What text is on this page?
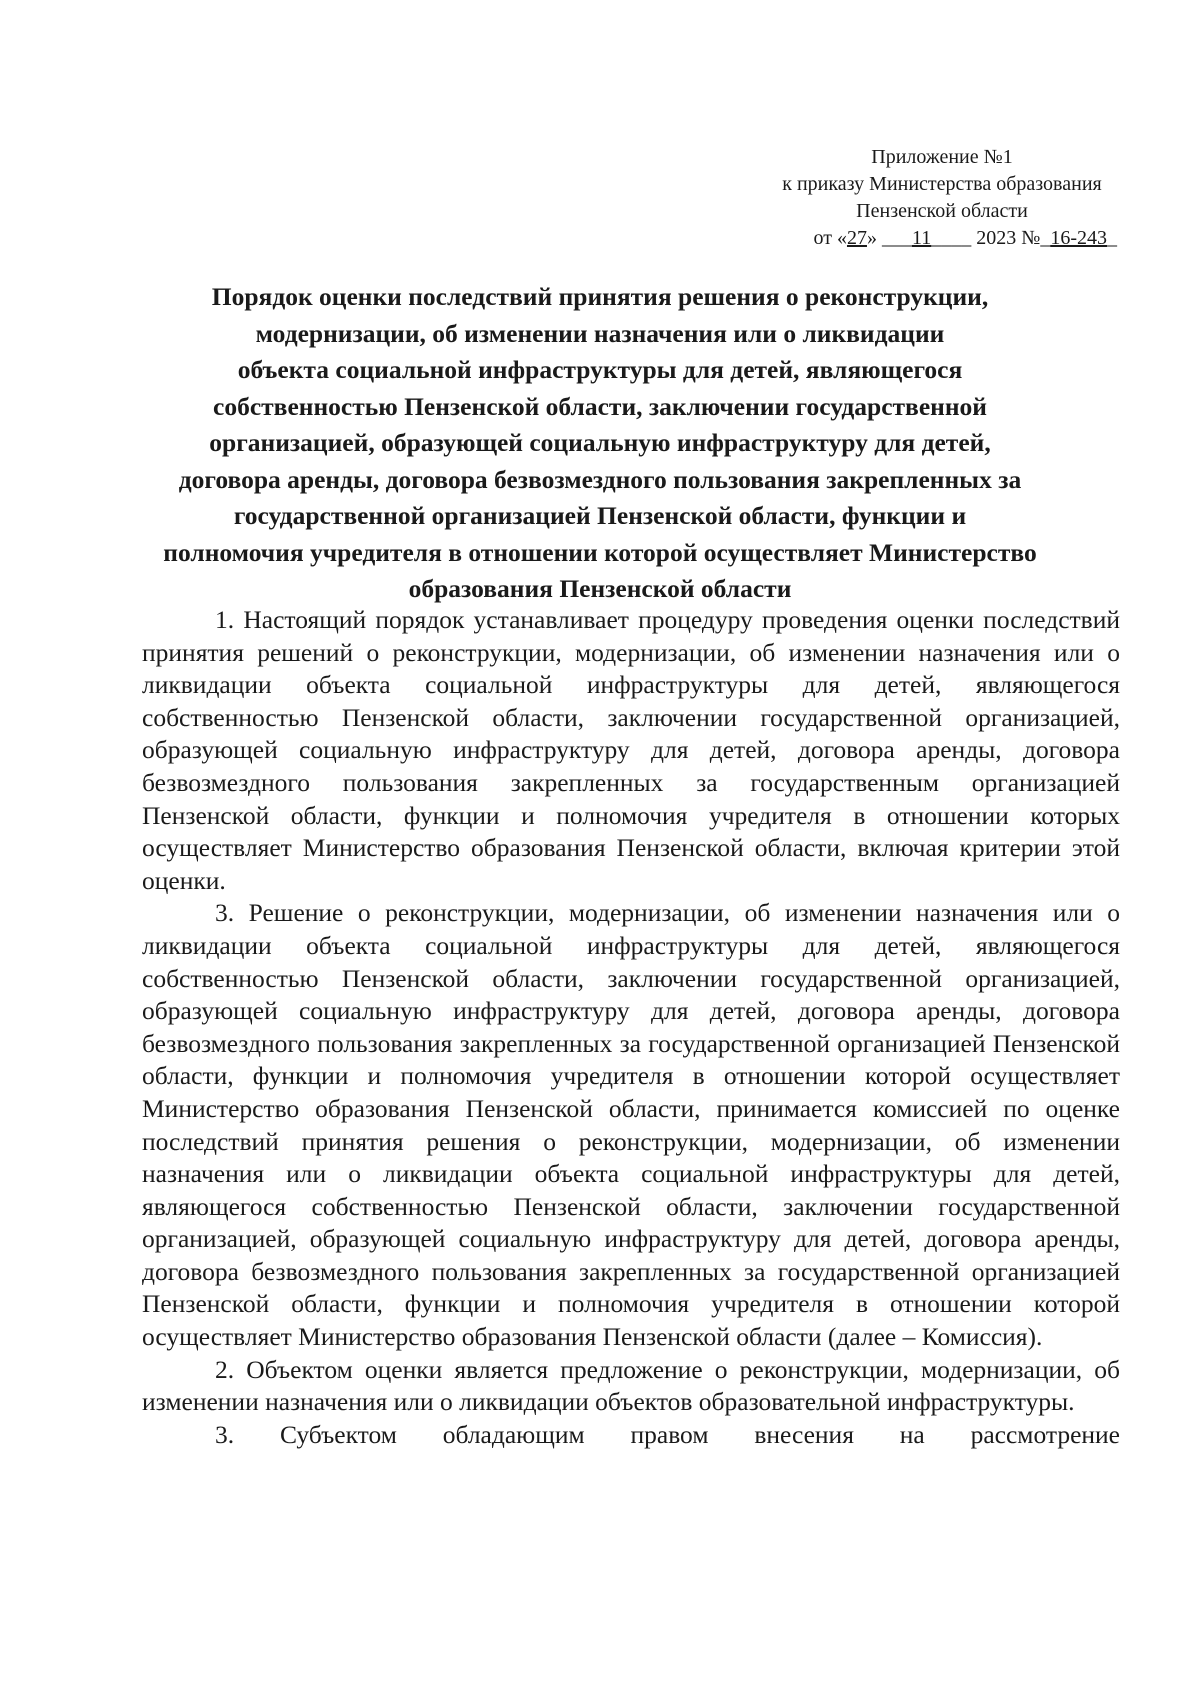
Приложение №1
к приказу Министерства образования
Пензенской области
от «27» ___11____ 2023 №_16-243_
Порядок оценки последствий принятия решения о реконструкции,
модернизации, об изменении назначения или о ликвидации
объекта социальной инфраструктуры для детей, являющегося
собственностью Пензенской области, заключении государственной
организацией, образующей социальную инфраструктуру для детей,
договора аренды, договора безвозмездного пользования закрепленных за
государственной организацией Пензенской области, функции и
полномочия учредителя в отношении которой осуществляет Министерство
образования Пензенской области

1. Настоящий порядок устанавливает процедуру проведения оценки последствий принятия решений о реконструкции, модернизации, об изменении назначения или о ликвидации объекта социальной инфраструктуры для детей, являющегося собственностью Пензенской области, заключении государственной организацией, образующей социальную инфраструктуру для детей, договора аренды, договора безвозмездного пользования закрепленных за государственным организацией Пензенской области, функции и полномочия учредителя в отношении которых осуществляет Министерство образования Пензенской области, включая критерии этой оценки.

3. Решение о реконструкции, модернизации, об изменении назначения или о ликвидации объекта социальной инфраструктуры для детей, являющегося собственностью Пензенской области, заключении государственной организацией, образующей социальную инфраструктуру для детей, договора аренды, договора безвозмездного пользования закрепленных за государственной организацией Пензенской области, функции и полномочия учредителя в отношении которой осуществляет Министерство образования Пензенской области, принимается комиссией по оценке последствий принятия решения о реконструкции, модернизации, об изменении назначения или о ликвидации объекта социальной инфраструктуры для детей, являющегося собственностью Пензенской области, заключении государственной организацией, образующей социальную инфраструктуру для детей, договора аренды, договора безвозмездного пользования закрепленных за государственной организацией Пензенской области, функции и полномочия учредителя в отношении которой осуществляет Министерство образования Пензенской области (далее – Комиссия).

2. Объектом оценки является предложение о реконструкции, модернизации, об изменении назначения или о ликвидации объектов образовательной инфраструктуры.

3. Субъектом обладающим правом внесения на рассмотрение
